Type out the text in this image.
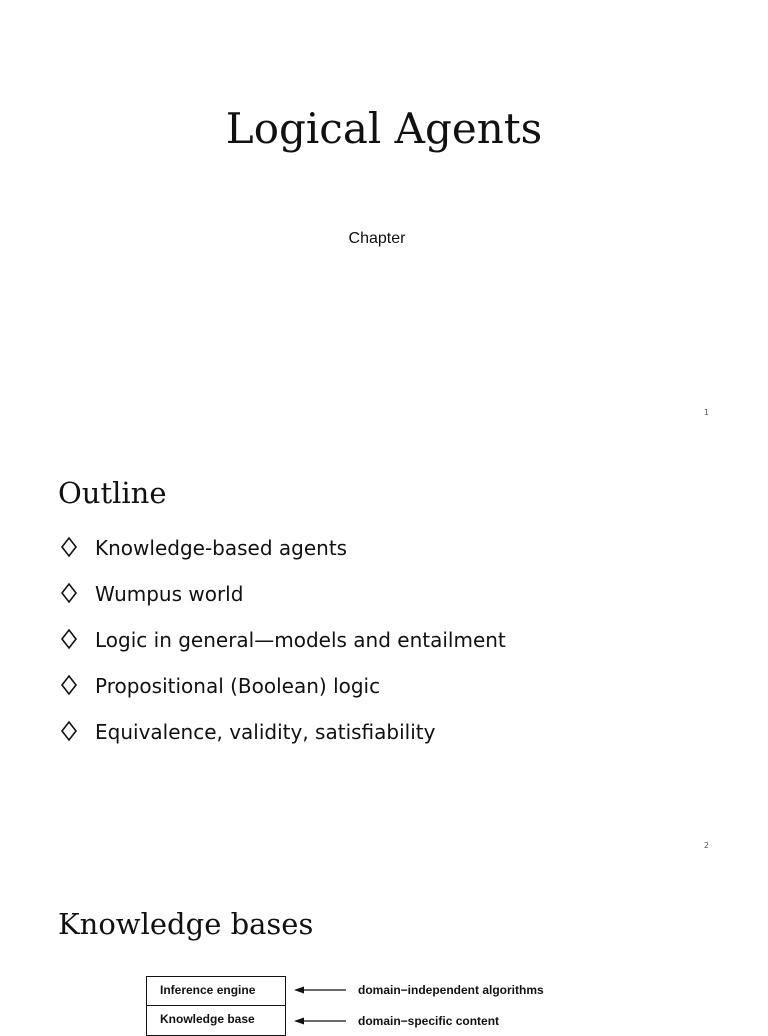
Logical Agents
Chapter
1
Outline
Knowledge-based agents
Wumpus world
Logic in general—models and entailment
Propositional (Boolean) logic
Equivalence, validity, satisfiability
2
Knowledge bases
Inference engine
Knowledge base
domain−independent algorithms
domain−specific content
